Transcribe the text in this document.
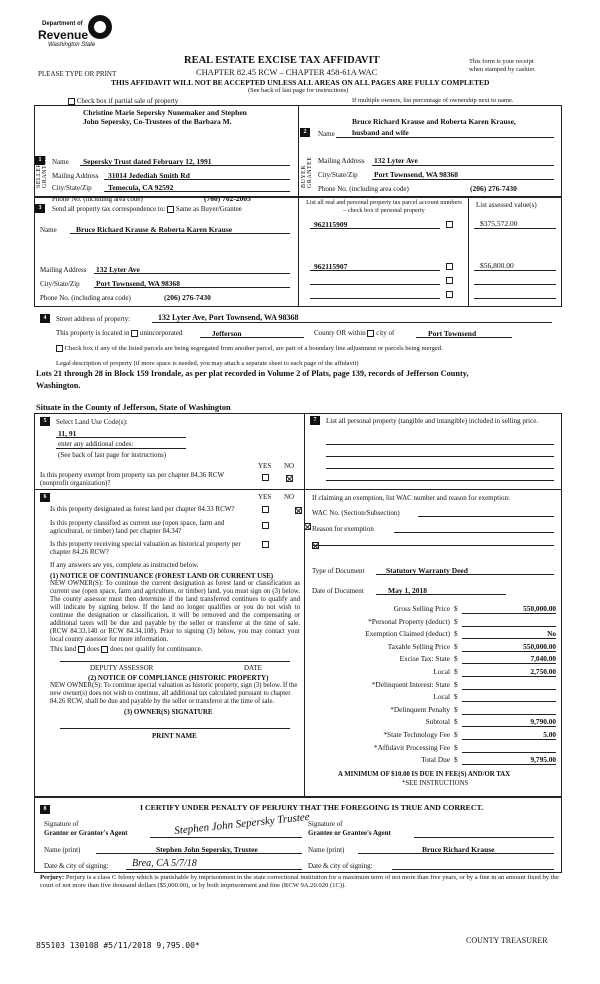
Department of
Revenue
Washington State
REAL ESTATE EXCISE TAX AFFIDAVIT
PLEASE TYPE OR PRINT	CHAPTER 82.45 RCW – CHAPTER 458-61A WAC
This form is your receipt
when stamped by cashier.
THIS AFFIDAVIT WILL NOT BE ACCEPTED UNLESS ALL AREAS ON ALL PAGES ARE FULLY COMPLETED
(See back of last page for instructions)
Check box if partial sale of property	If multiple owners, list percentage of ownership next to name.
1
SELLER GRANTOR Name
Christine Marie Sepersky Nunemaker and Stephen
John Sepersky, Co-Trustees of the Barbara M.
Sepersky Trust dated February 12, 1991
Mailing Address 31014 Jedediah Smith Rd
City/State/Zip Temecula, CA 92592
Phone No. (including area code)	(760) 702-2005
2
BUYER GRANTEE
Name
Bruce Richard Krause and Roberta Karen Krause,
husband and wife
Mailing Address 132 Lyter Ave
City/State/Zip Port Townsend, WA 98368
Phone No. (including area code)	(206) 276-7430
3	Send all property tax correspondence to: Same as Buyer/Grantee
Name	Bruce Richard Krause & Roberta Karen Krause
Mailing Address 132 Lyter Ave
City/State/Zip Port Townsend, WA 98368
Phone No. (including area code)	(206) 276-7430
List all real and personal property tax parcel account numbers – check box if personal property
List assessed value(s)
962115909	$375,572.00
962115907	$56,800.00
4	Street address of property:	132 Lyter Ave, Port Townsend, WA 98368
This property is located in unincorporated	Jefferson	County OR within city of	Port Townsend
Check box if any of the listed parcels are being segregated from another parcel, are part of a boundary line adjustment or parcels being merged.
Legal description of property (if more space is needed, you may attach a separate sheet to each page of the affidavit)
Lots 21 through 28 in Block 159 Irondale, as per plat recorded in Volume 2 of Plats, page 139, records of Jefferson County,
Washington.
Situate in the County of Jefferson, State of Washington
5	Select Land Use Code(s):
11, 91
enter any additional codes:
(See back of last page for instructions)
YES NO
Is this property exempt from property tax per chapter 84.36 RCW (nonprofit organization)?

6	YES NO
Is this property designated as forest land per chapter 84.33 RCW?

Is this property classified as current use (open space, farm and agricultural, or timber) land per chapter 84.34?

Is this property receiving special valuation as historical property per chapter 84.26 RCW?
If any answers are yes, complete as instructed below.
(1) NOTICE OF CONTINUANCE (FOREST LAND OR CURRENT USE)
NEW OWNER(S): To continue the current designation as forest land or classification as current use (open space, farm and agriculture, or timber) land, you must sign on (3) below. The county assessor must then determine if the land transferred continues to qualify and will indicate by signing below. If the land no longer qualifies or you do not wish to continue the designation or classification, it will be removed and the compensating or additional taxes will be due and payable by the seller or transferor at the time of sale. (RCW 84.33.140 or RCW 84.34.108). Prior to signing (3) below, you may contact your local county assessor for more information.
This land does does not qualify for continuance.
DEPUTY ASSESSOR	DATE
(2) NOTICE OF COMPLIANCE (HISTORIC PROPERTY)
NEW OWNER(S): To continue special valuation as historic property, sign (3) below. If the new owner(s) does not wish to continue, all additional tax calculated pursuant to chapter 84.26 RCW, shall be due and payable by the seller or transferor at the time of sale.
(3) OWNER(S) SIGNATURE
PRINT NAME
7	List all personal property (tangible and intangible) included in selling price.
If claiming an exemption, list WAC number and reason for exemption:
WAC No. (Section/Subsection)
Reason for exemption
Type of Document	Statutory Warranty Deed
Date of Document	May 1, 2018
Gross Selling Price $	550,000.00
*Personal Property (deduct) $
Exemption Claimed (deduct) $	No
Taxable Selling Price $	550,000.00
Excise Tax: State $	7,040.00
Local $	2,750.00
*Delinquent Interest: State $
Local $
*Delinquent Penalty $
Subtotal $	9,790.00
*State Technology Fee $	5.00
*Affidavit Processing Fee $
Total Due $	9,795.00
A MINIMUM OF $10.00 IS DUE IN FEE(S) AND/OR TAX
*SEE INSTRUCTIONS
8	I CERTIFY UNDER PENALTY OF PERJURY THAT THE FOREGOING IS TRUE AND CORRECT.
Signature of
Grantor or Grantor's Agent	Stephen John Sepersky Trustee
Signature of
Grantee or Grantee's Agent
Name (print)	Stephen John Sepersky, Trustee	Name (print)	Bruce Richard Krause
Date & city of signing: Brea, CA 5/7/18	Date & city of signing:
Perjury: Perjury is a class C felony which is punishable by imprisonment in the state correctional institution for a maximum term of not more than five years, or by a fine in an amount fixed by the court of not more than five thousand dollars ($5,000.00), or by both imprisonment and fine (RCW 9A.20.020 (1C)).
855103 130108 #5/11/2018 9,795.00*
COUNTY TREASURER
